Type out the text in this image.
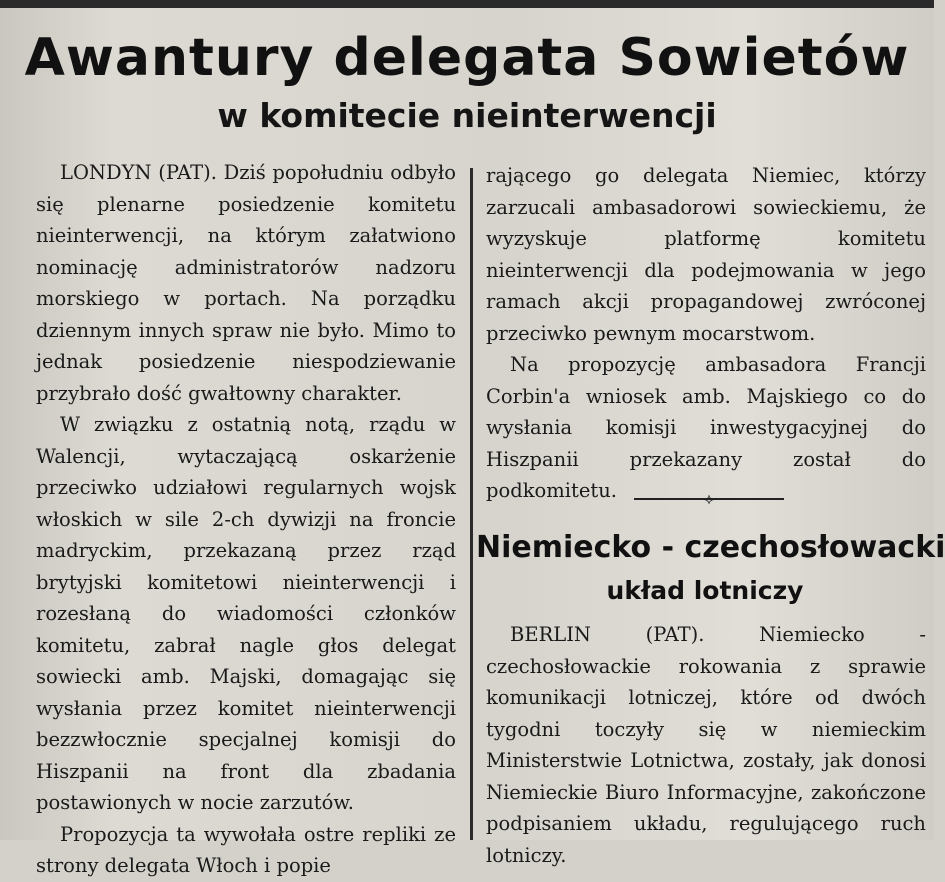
Awantury delegata Sowietów
w komitecie nieinterwencji

LONDYN (PAT). Dziś popołudniu odbyło się plenarne posiedzenie komitetu nieinterwencji, na którym załatwiono nominację administratorów nadzoru morskiego w portach. Na porządku dziennym innych spraw nie było. Mimo to jednak posiedzenie niespodziewanie przybrało dość gwałtowny charakter.

W związku z ostatnią notą, rządu w Walencji, wytaczającą oskarżenie przeciwko udziałowi regularnych wojsk włoskich w sile 2-ch dywizji na froncie madryckim, przekazaną przez rząd brytyjski komitetowi nieinterwencji i rozesłaną do wiadomości członków komitetu, zabrał nagle głos delegat sowiecki amb. Majski, domagając się wysłania przez komitet nieinterwencji bezzwłocznie specjalnej komisji do Hiszpanii na front dla zbadania postawionych w nocie zarzutów.

Propozycja ta wywołała ostre repliki ze strony delegata Włoch i popie

rającego go delegata Niemiec, którzy zarzucali ambasadorowi sowieckiemu, że wyzyskuje platformę komitetu nieinterwencji dla podejmowania w jego ramach akcji propagandowej zwróconej przeciwko pewnym mocarstwom.

Na propozycję ambasadora Francji Corbin'a wniosek amb. Majskiego co do wysłania komisji inwestygacyjnej do Hiszpanii przekazany został do podkomitetu.	⟡
Niemiecko - czechosłowacki
układ lotniczy

BERLIN (PAT). Niemiecko - czechosłowackie rokowania z sprawie komunikacji lotniczej, które od dwóch tygodni toczyły się w niemieckim Ministerstwie Lotnictwa, zostały, jak donosi Niemieckie Biuro Informacyjne, zakończone podpisaniem układu, regulującego ruch lotniczy.
